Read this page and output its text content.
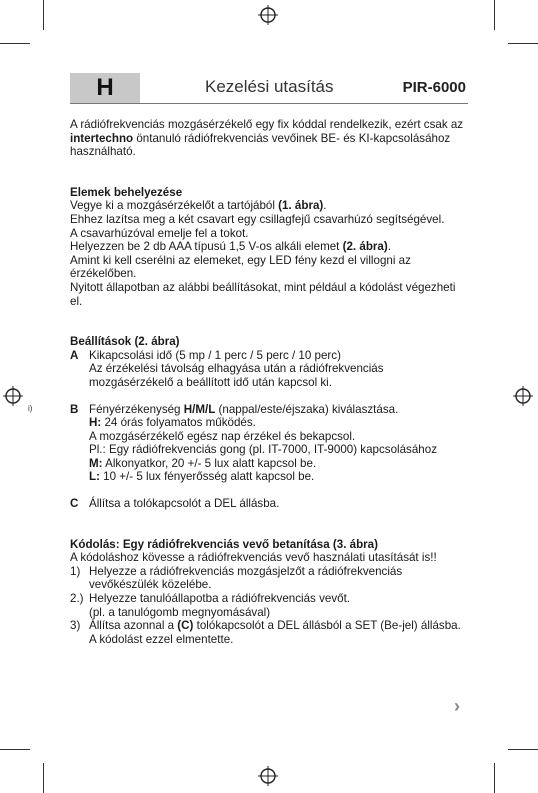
i)
H	Kezelési utasítás	PIR-6000

A rádiófrekvenciás mozgásérzékelő egy fix kóddal rendelkezik, ezért csak az intertechno öntanuló rádiófrekvenciás vevőinek BE- és KI-kapcsolásához használható.

Elemek behelyezése

Vegye ki a mozgásérzékelőt a tartójából (1. ábra).

Ehhez lazítsa meg a két csavart egy csillagfejű csavarhúzó segítségével.

A csavarhúzóval emelje fel a tokot.

Helyezzen be 2 db AAA típusú 1,5 V-os alkáli elemet (2. ábra).

Amint ki kell cserélni az elemeket, egy LED fény kezd el villogni az érzékelőben.

Nyitott állapotban az alábbi beállításokat, mint például a kódolást végezheti el.

Beállítások (2. ábra)

A Kikapcsolási idő (5 mp / 1 perc / 5 perc / 10 perc)

Az érzékelési távolság elhagyása után a rádiófrekvenciás mozgásérzékelő a beállított idő után kapcsol ki.

B Fényérzékenység H/M/L (nappal/este/éjszaka) kiválasztása.

H: 24 órás folyamatos működés.

A mozgásérzékelő egész nap érzékel és bekapcsol.

Pl.: Egy rádiófrekvenciás gong (pl. IT-7000, IT-9000) kapcsolásához

M: Alkonyatkor, 20 +/- 5 lux alatt kapcsol be.

L: 10 +/- 5 lux fényerősség alatt kapcsol be.

C Állítsa a tolókapcsolót a DEL állásba.

Kódolás: Egy rádiófrekvenciás vevő betanítása (3. ábra)

A kódoláshoz kövesse a rádiófrekvenciás vevő használati utasítását is!!

1) Helyezze a rádiófrekvenciás mozgásjelzőt a rádiófrekvenciás vevőkészülék közelébe.

2.) Helyezze tanulóállapotba a rádiófrekvenciás vevőt.

(pl. a tanulógomb megnyomásával)

3) Állítsa azonnal a (C) tolókapcsolót a DEL állásból a SET (Be-jel) állásba.

A kódolást ezzel elmentette.

›
